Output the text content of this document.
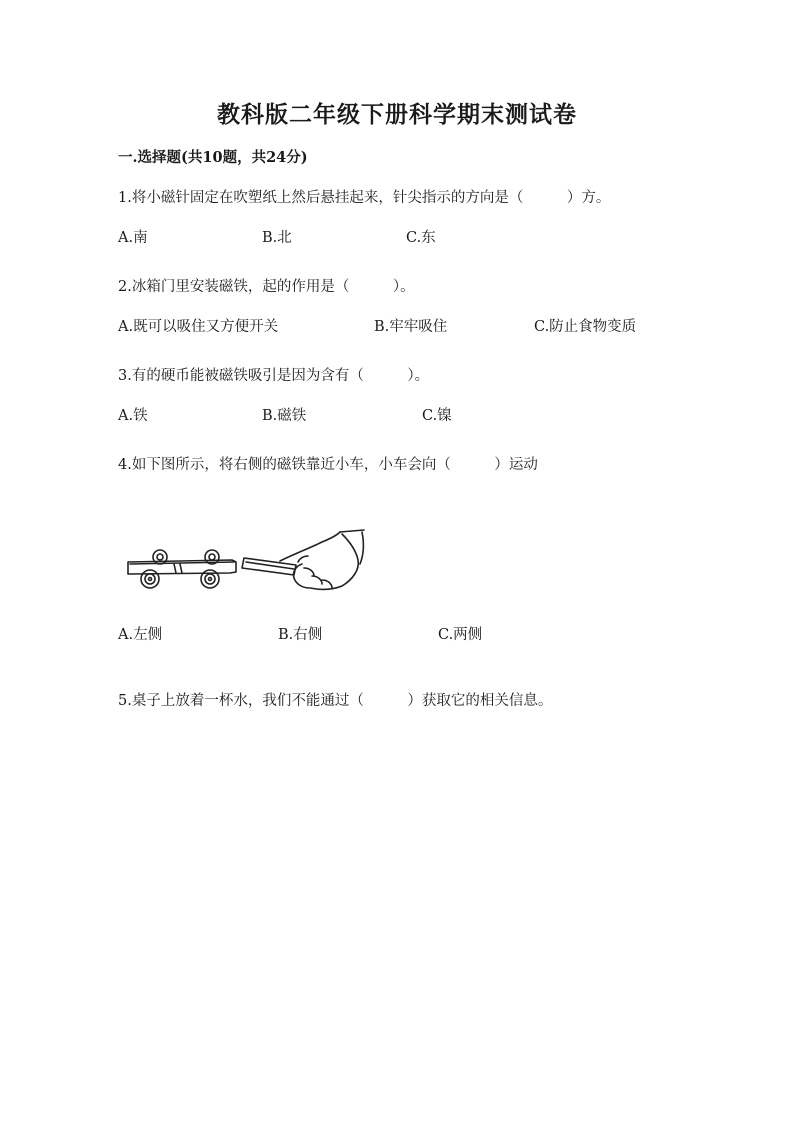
教科版二年级下册科学期末测试卷
一.选择题(共10题，共24分)
1.将小磁针固定在吹塑纸上然后悬挂起来，针尖指示的方向是（　　　）方。
A.南	B.北	C.东
2.冰箱门里安装磁铁，起的作用是（　　　）。
A.既可以吸住又方便开关	B.牢牢吸住	C.防止食物变质
3.有的硬币能被磁铁吸引是因为含有（　　　）。
A.铁	B.磁铁	C.镍
4.如下图所示，将右侧的磁铁靠近小车，小车会向（　　　）运动
A.左侧	B.右侧	C.两侧
5.桌子上放着一杯水，我们不能通过（　　　）获取它的相关信息。
